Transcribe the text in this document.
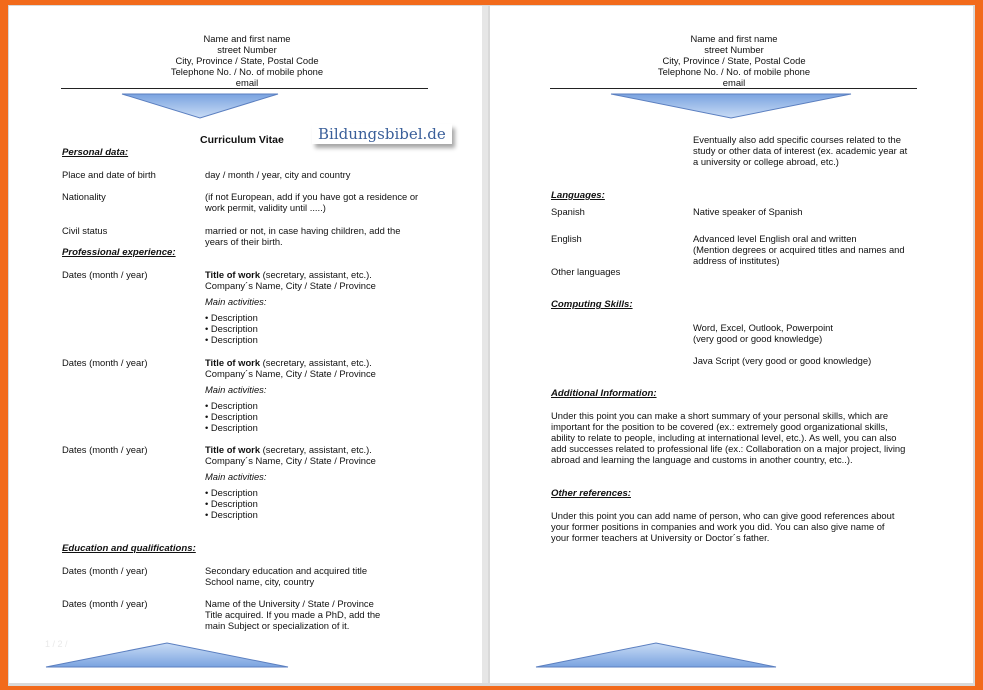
Name and first name
street Number
City, Province / State, Postal Code
Telephone No. / No. of mobile phone
email
Curriculum Vitae	Bildungsbibel.de
Personal data:
Place and date of birth	day / month / year, city and country
Nationality	(if not European, add if you have got a residence or
work permit, validity until .....)
Civil status	married or not, in case having children, add the
years of their birth.
Professional experience:
Dates (month / year)	Title of work (secretary, assistant, etc.).
Company´s Name, City / State / Province
Main activities:
• Description
• Description
• Description
Dates (month / year)	Title of work (secretary, assistant, etc.).
Company´s Name, City / State / Province
Main activities:
• Description
• Description
• Description
Dates (month / year)	Title of work (secretary, assistant, etc.).
Company´s Name, City / State / Province
Main activities:
• Description
• Description
• Description
Education and qualifications:
Dates (month / year)	Secondary education and acquired title
School name, city, country
Dates (month / year)	Name of the University / State / Province
Title acquired. If you made a PhD, add the
main Subject or specialization of it.
1 / 2 /
Name and first name
street Number
City, Province / State, Postal Code
Telephone No. / No. of mobile phone
email
Eventually also add specific courses related to the
study or other data of interest (ex. academic year at
a university or college abroad, etc.)
Languages:
Spanish	Native speaker of Spanish
English	Advanced level English oral and written
(Mention degrees or acquired titles and names and
address of institutes)
Other languages
Computing Skills:
Word, Excel, Outlook, Powerpoint
(very good or good knowledge)
Java Script (very good or good knowledge)
Additional Information:
Under this point you can make a short summary of your personal skills, which are
important for the position to be covered (ex.: extremely good organizational skills,
ability to relate to people, including at international level, etc.). As well, you can also
add successes related to professional life (ex.: Collaboration on a major project, living
abroad and learning the language and customs in another country, etc..).
Other references:
Under this point you can add name of person, who can give good references about
your former positions in companies and work you did. You can also give name of
your former teachers at University or Doctor´s father.
